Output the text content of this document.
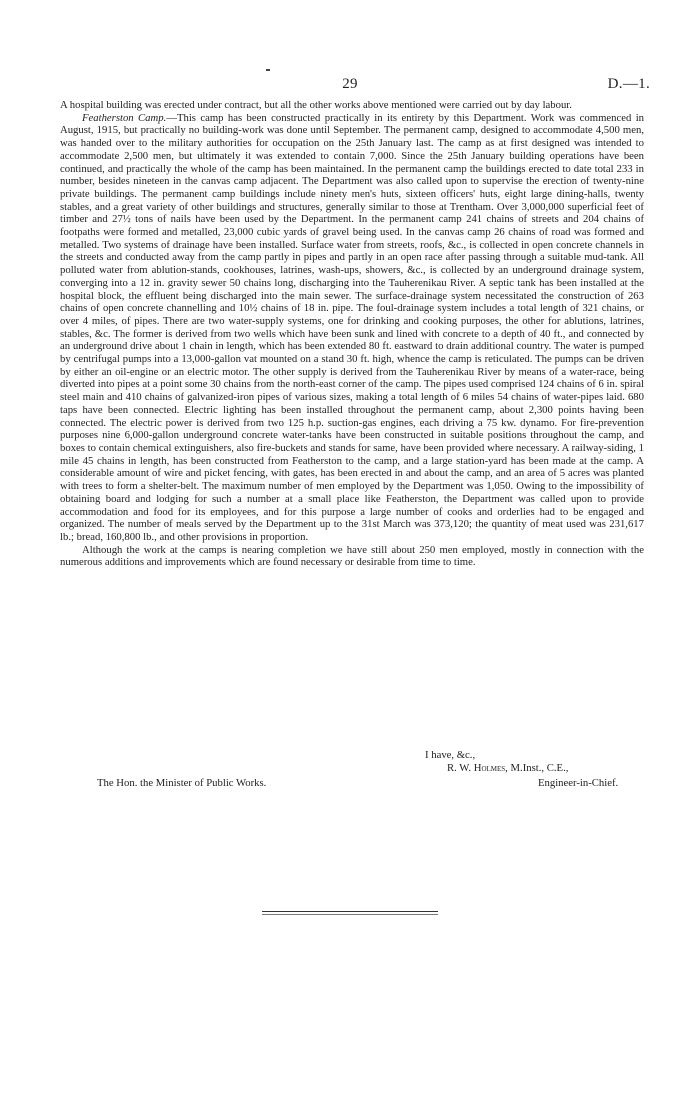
29	D.—1.

A hospital building was erected under contract, but all the other works above mentioned were carried out by day labour.

Featherston Camp.—This camp has been constructed practically in its entirety by this Department. Work was commenced in August, 1915, but practically no building-work was done until September. The permanent camp, designed to accommodate 4,500 men, was handed over to the military authorities for occupation on the 25th January last. The camp as at first designed was intended to accommodate 2,500 men, but ultimately it was extended to contain 7,000. Since the 25th January building operations have been continued, and practically the whole of the camp has been maintained. In the permanent camp the buildings erected to date total 233 in number, besides nineteen in the canvas camp adjacent. The Department was also called upon to supervise the erection of twenty-nine private buildings. The permanent camp buildings include ninety men's huts, sixteen officers' huts, eight large dining-halls, twenty stables, and a great variety of other buildings and structures, generally similar to those at Trentham. Over 3,000,000 superficial feet of timber and 27½ tons of nails have been used by the Department. In the permanent camp 241 chains of streets and 204 chains of footpaths were formed and metalled, 23,000 cubic yards of gravel being used. In the canvas camp 26 chains of road was formed and metalled. Two systems of drainage have been installed. Surface water from streets, roofs, &c., is collected in open concrete channels in the streets and conducted away from the camp partly in pipes and partly in an open race after passing through a suitable mud-tank. All polluted water from ablution-stands, cookhouses, latrines, wash-ups, showers, &c., is collected by an underground drainage system, converging into a 12 in. gravity sewer 50 chains long, discharging into the Tauherenikau River. A septic tank has been installed at the hospital block, the effluent being discharged into the main sewer. The surface-drainage system necessitated the construction of 263 chains of open concrete channelling and 10½ chains of 18 in. pipe. The foul-drainage system includes a total length of 321 chains, or over 4 miles, of pipes. There are two water-supply systems, one for drinking and cooking purposes, the other for ablutions, latrines, stables, &c. The former is derived from two wells which have been sunk and lined with concrete to a depth of 40 ft., and connected by an underground drive about 1 chain in length, which has been extended 80 ft. eastward to drain additional country. The water is pumped by centrifugal pumps into a 13,000-gallon vat mounted on a stand 30 ft. high, whence the camp is reticulated. The pumps can be driven by either an oil-engine or an electric motor. The other supply is derived from the Tauherenikau River by means of a water-race, being diverted into pipes at a point some 30 chains from the north-east corner of the camp. The pipes used comprised 124 chains of 6 in. spiral steel main and 410 chains of galvanized-iron pipes of various sizes, making a total length of 6 miles 54 chains of water-pipes laid. 680 taps have been connected. Electric lighting has been installed throughout the permanent camp, about 2,300 points having been connected. The electric power is derived from two 125 h.p. suction-gas engines, each driving a 75 kw. dynamo. For fire-prevention purposes nine 6,000-gallon underground concrete water-tanks have been constructed in suitable positions throughout the camp, and boxes to contain chemical extinguishers, also fire-buckets and stands for same, have been provided where necessary. A railway-siding, 1 mile 45 chains in length, has been constructed from Featherston to the camp, and a large station-yard has been made at the camp. A considerable amount of wire and picket fencing, with gates, has been erected in and about the camp, and an area of 5 acres was planted with trees to form a shelter-belt. The maximum number of men employed by the Department was 1,050. Owing to the impossibility of obtaining board and lodging for such a number at a small place like Featherston, the Department was called upon to provide accommodation and food for its employees, and for this purpose a large number of cooks and orderlies had to be engaged and organized. The number of meals served by the Department up to the 31st March was 373,120; the quantity of meat used was 231,617 lb.; bread, 160,800 lb., and other provisions in proportion.

Although the work at the camps is nearing completion we have still about 250 men employed, mostly in connection with the numerous additions and improvements which are found necessary or desirable from time to time.

I have, &c.,
R. W. Holmes, M.Inst., C.E.,
Engineer-in-Chief.
The Hon. the Minister of Public Works.
